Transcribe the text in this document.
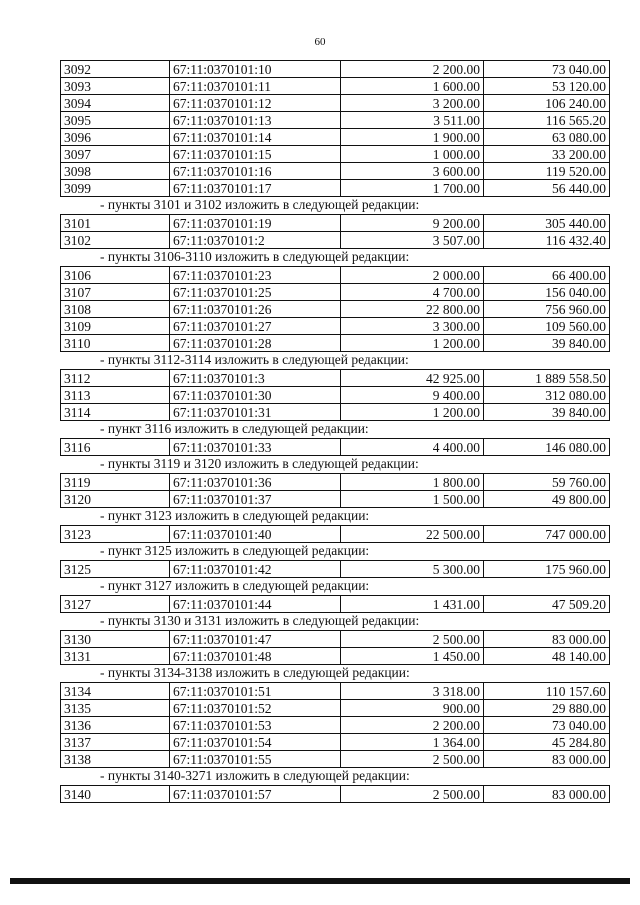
60
3092	67:11:0370101:10	2 200.00	73 040.00
3093	67:11:0370101:11	1 600.00	53 120.00
3094	67:11:0370101:12	3 200.00	106 240.00
3095	67:11:0370101:13	3 511.00	116 565.20
3096	67:11:0370101:14	1 900.00	63 080.00
3097	67:11:0370101:15	1 000.00	33 200.00
3098	67:11:0370101:16	3 600.00	119 520.00
3099	67:11:0370101:17	1 700.00	56 440.00
- пункты 3101 и 3102 изложить в следующей редакции:
3101	67:11:0370101:19	9 200.00	305 440.00
3102	67:11:0370101:2	3 507.00	116 432.40
- пункты 3106-3110 изложить в следующей редакции:
3106	67:11:0370101:23	2 000.00	66 400.00
3107	67:11:0370101:25	4 700.00	156 040.00
3108	67:11:0370101:26	22 800.00	756 960.00
3109	67:11:0370101:27	3 300.00	109 560.00
3110	67:11:0370101:28	1 200.00	39 840.00
- пункты 3112-3114 изложить в следующей редакции:
3112	67:11:0370101:3	42 925.00	1 889 558.50
3113	67:11:0370101:30	9 400.00	312 080.00
3114	67:11:0370101:31	1 200.00	39 840.00
- пункт 3116 изложить в следующей редакции:
3116	67:11:0370101:33	4 400.00	146 080.00
- пункты 3119 и 3120 изложить в следующей редакции:
3119	67:11:0370101:36	1 800.00	59 760.00
3120	67:11:0370101:37	1 500.00	49 800.00
- пункт 3123 изложить в следующей редакции:
3123	67:11:0370101:40	22 500.00	747 000.00
- пункт 3125 изложить в следующей редакции:
3125	67:11:0370101:42	5 300.00	175 960.00
- пункт 3127 изложить в следующей редакции:
3127	67:11:0370101:44	1 431.00	47 509.20
- пункты 3130 и 3131 изложить в следующей редакции:
3130	67:11:0370101:47	2 500.00	83 000.00
3131	67:11:0370101:48	1 450.00	48 140.00
- пункты 3134-3138 изложить в следующей редакции:
3134	67:11:0370101:51	3 318.00	110 157.60
3135	67:11:0370101:52	900.00	29 880.00
3136	67:11:0370101:53	2 200.00	73 040.00
3137	67:11:0370101:54	1 364.00	45 284.80
3138	67:11:0370101:55	2 500.00	83 000.00
- пункты 3140-3271 изложить в следующей редакции:
3140	67:11:0370101:57	2 500.00	83 000.00
